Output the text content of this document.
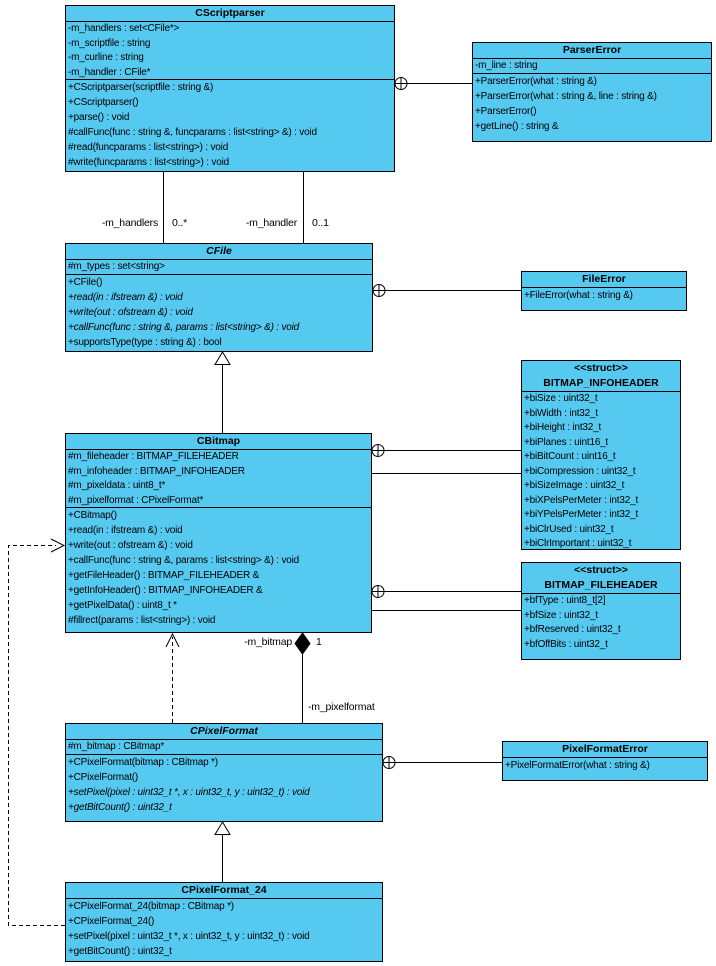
-m_handlers 0..*	-m_handler 0..1
-m_bitmap 1
-m_pixelformat
CScriptparser
-m_handlers : set<CFile*>
-m_scriptfile : string
-m_curline : string
-m_handler : CFile*
+CScriptparser(scriptfile : string &)
+CScriptparser()
+parse() : void
#callFunc(func : string &, funcparams : list<string> &) : void
#read(funcparams : list<string>) : void
#write(funcparams : list<string>) : void
ParserError
-m_line : string
+ParserError(what : string &)
+ParserError(what : string &, line : string &)
+ParserError()
+getLine() : string &
CFile
#m_types : set<string>
+CFile()
+read(in : ifstream &) : void
+write(out : ofstream &) : void
+callFunc(func : string &, params : list<string> &) : void
+supportsType(type : string &) : bool
FileError
+FileError(what : string &)
CBitmap
#m_fileheader : BITMAP_FILEHEADER
#m_infoheader : BITMAP_INFOHEADER
#m_pixeldata : uint8_t*
#m_pixelformat : CPixelFormat*
+CBitmap()
+read(in : ifstream &) : void
+write(out : ofstream &) : void
+callFunc(func : string &, params : list<string> &) : void
+getFileHeader() : BITMAP_FILEHEADER &
+getInfoHeader() : BITMAP_INFOHEADER &
+getPixelData() : uint8_t *
#fillrect(params : list<string>) : void
<<struct>>
BITMAP_INFOHEADER
+biSize : uint32_t
+biWidth : int32_t
+biHeight : int32_t
+biPlanes : uint16_t
+biBitCount : uint16_t
+biCompression : uint32_t
+biSizeImage : uint32_t
+biXPelsPerMeter : int32_t
+biYPelsPerMeter : int32_t
+biClrUsed : uint32_t
+biClrImportant : uint32_t
<<struct>>
BITMAP_FILEHEADER
+bfType : uint8_t[2]
+bfSize : uint32_t
+bfReserved : uint32_t
+bfOffBits : uint32_t
CPixelFormat
#m_bitmap : CBitmap*
+CPixelFormat(bitmap : CBitmap *)
+CPixelFormat()
+setPixel(pixel : uint32_t *, x : uint32_t, y : uint32_t) : void
+getBitCount() : uint32_t
PixelFormatError
+PixelFormatError(what : string &)
CPixelFormat_24
+CPixelFormat_24(bitmap : CBitmap *)
+CPixelFormat_24()
+setPixel(pixel : uint32_t *, x : uint32_t, y : uint32_t) : void
+getBitCount() : uint32_t
